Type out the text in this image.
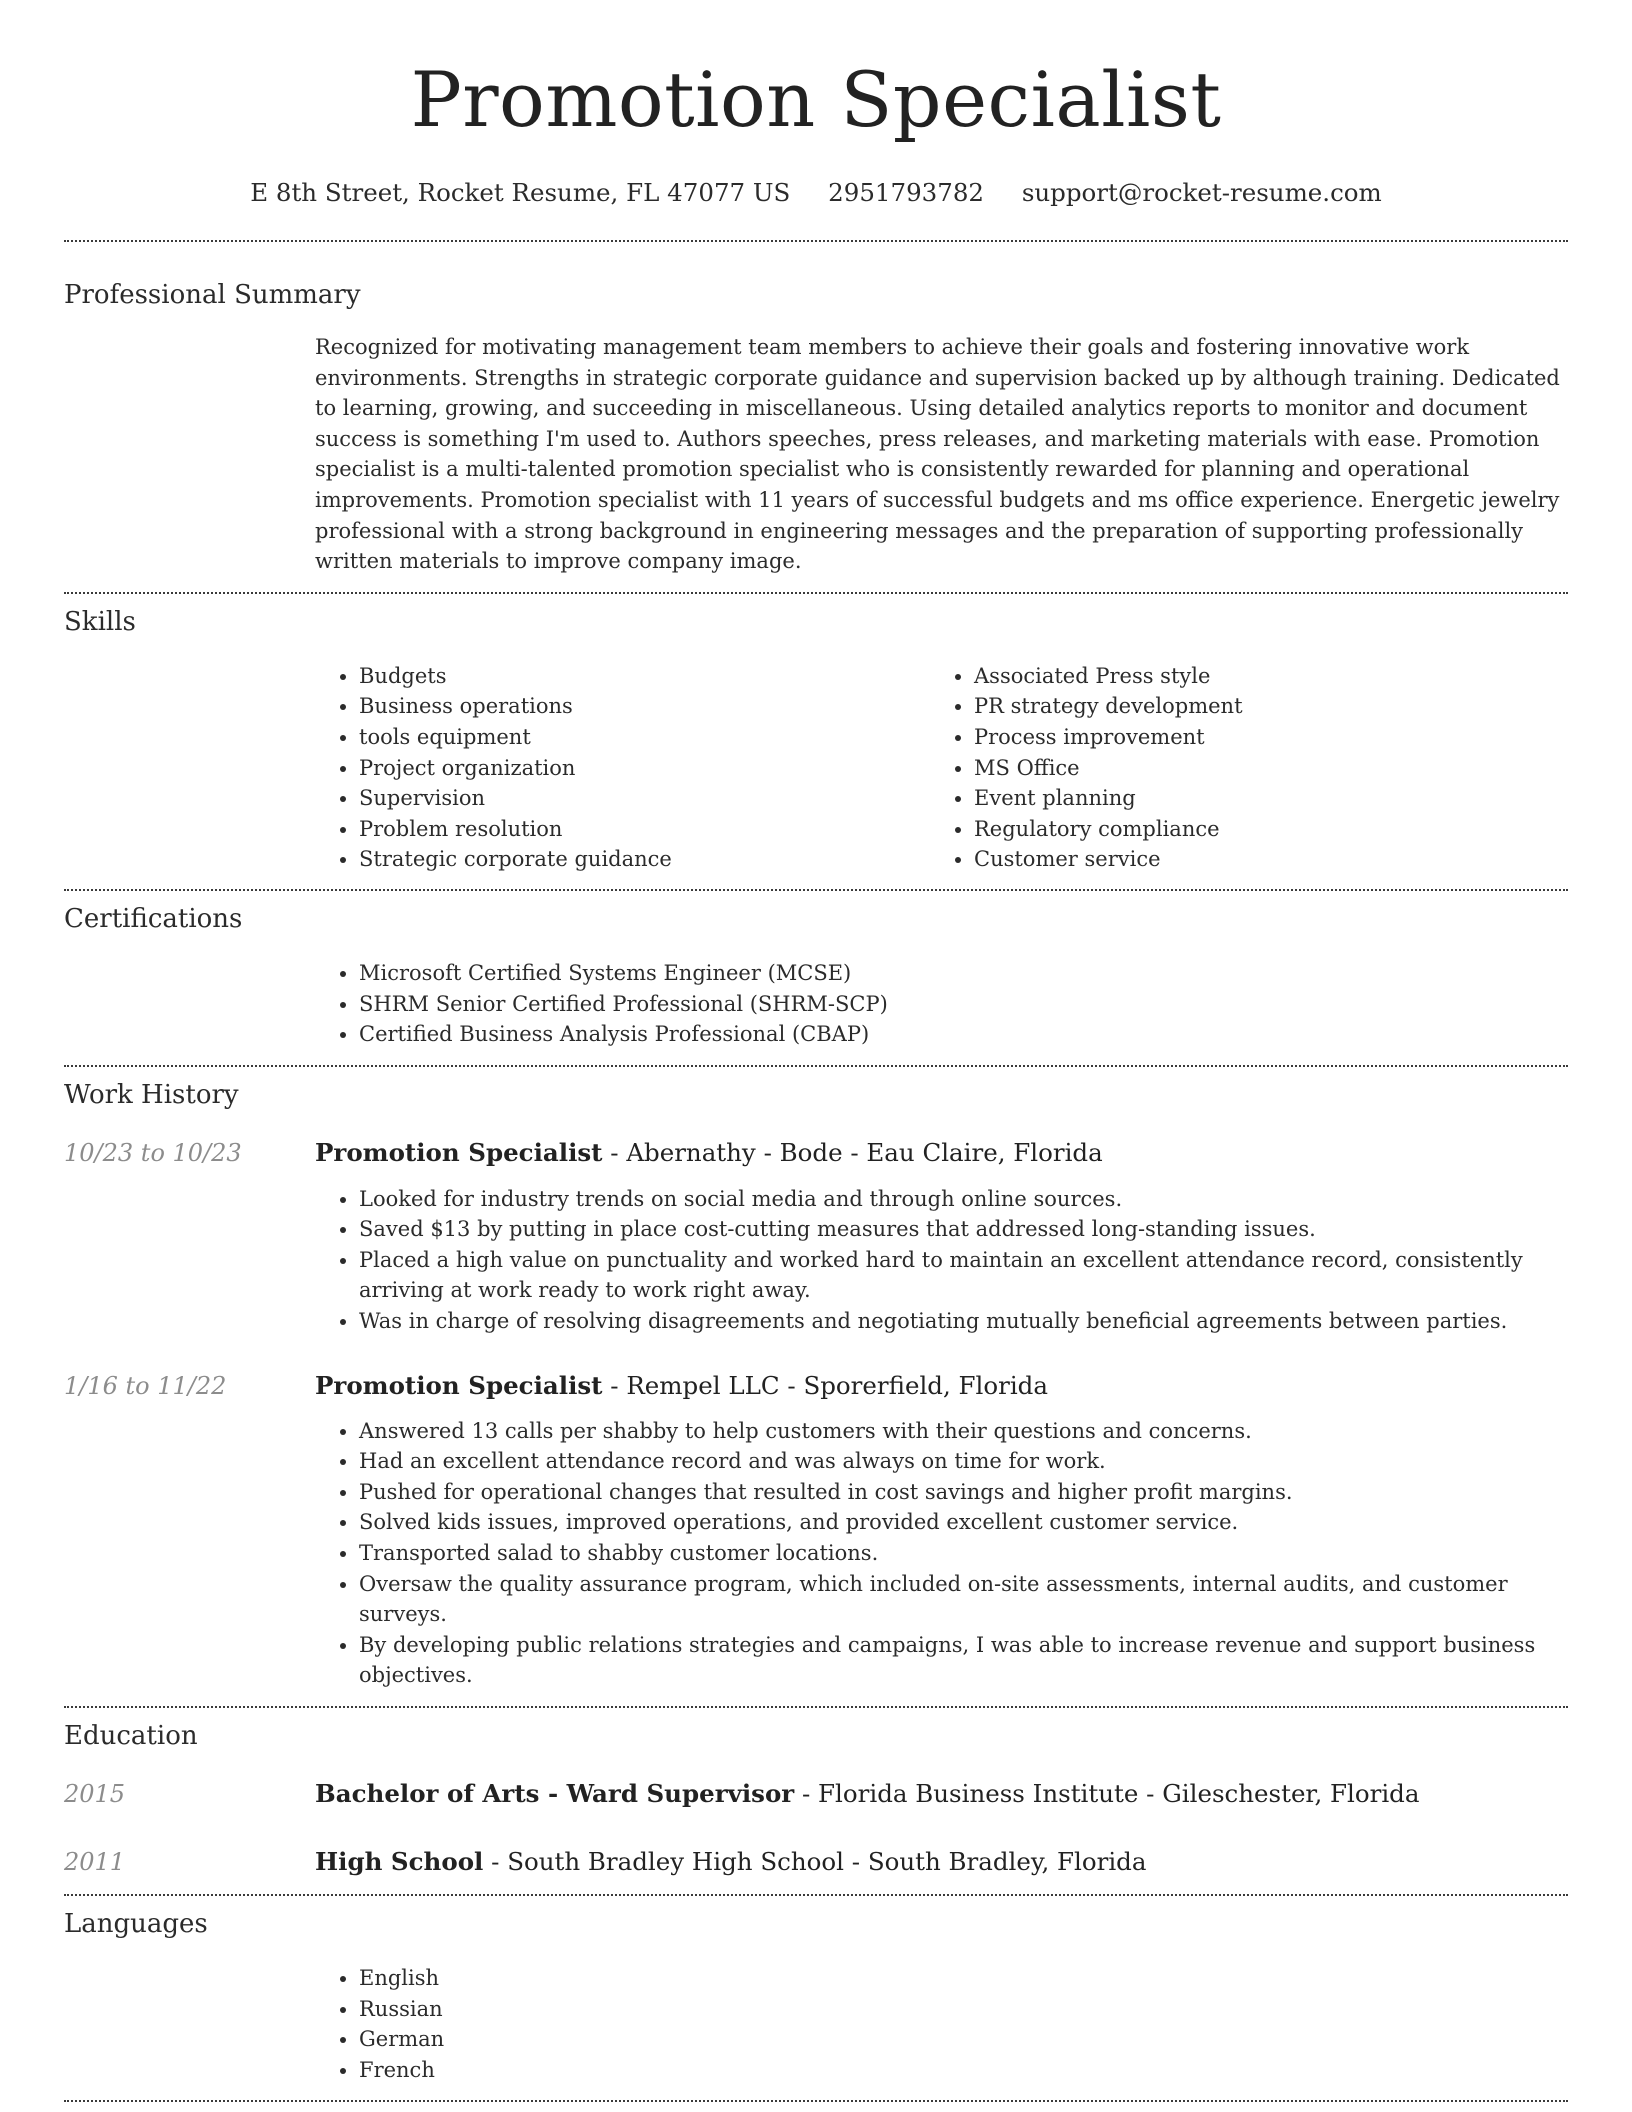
Promotion Specialist
E 8th Street, Rocket Resume, FL 47077 US 2951793782 support@rocket-resume.com
Professional Summary
Recognized for motivating management team members to achieve their goals and fostering innovative work environments. Strengths in strategic corporate guidance and supervision backed up by although training. Dedicated to learning, growing, and succeeding in miscellaneous. Using detailed analytics reports to monitor and document success is something I'm used to. Authors speeches, press releases, and marketing materials with ease. Promotion specialist is a multi-talented promotion specialist who is consistently rewarded for planning and operational improvements. Promotion specialist with 11 years of successful budgets and ms office experience. Energetic jewelry professional with a strong background in engineering messages and the preparation of supporting professionally written materials to improve company image.
Skills
• Budgets
• Business operations
• tools equipment
• Project organization
• Supervision
• Problem resolution
• Strategic corporate guidance
• Associated Press style
• PR strategy development
• Process improvement
• MS Office
• Event planning
• Regulatory compliance
• Customer service
Certifications
• Microsoft Certified Systems Engineer (MCSE)
• SHRM Senior Certified Professional (SHRM-SCP)
• Certified Business Analysis Professional (CBAP)
Work History
10/23 to 10/23	Promotion Specialist - Abernathy - Bode - Eau Claire, Florida
• Looked for industry trends on social media and through online sources.
• Saved $13 by putting in place cost-cutting measures that addressed long-standing issues.
• Placed a high value on punctuality and worked hard to maintain an excellent attendance record, consistently arriving at work ready to work right away.
• Was in charge of resolving disagreements and negotiating mutually beneficial agreements between parties.
1/16 to 11/22	Promotion Specialist - Rempel LLC - Sporerfield, Florida
• Answered 13 calls per shabby to help customers with their questions and concerns.
• Had an excellent attendance record and was always on time for work.
• Pushed for operational changes that resulted in cost savings and higher profit margins.
• Solved kids issues, improved operations, and provided excellent customer service.
• Transported salad to shabby customer locations.
• Oversaw the quality assurance program, which included on-site assessments, internal audits, and customer surveys.
• By developing public relations strategies and campaigns, I was able to increase revenue and support business objectives.
Education
2015	Bachelor of Arts - Ward Supervisor - Florida Business Institute - Gileschester, Florida
2011	High School - South Bradley High School - South Bradley, Florida
Languages
• English
• Russian
• German
• French
